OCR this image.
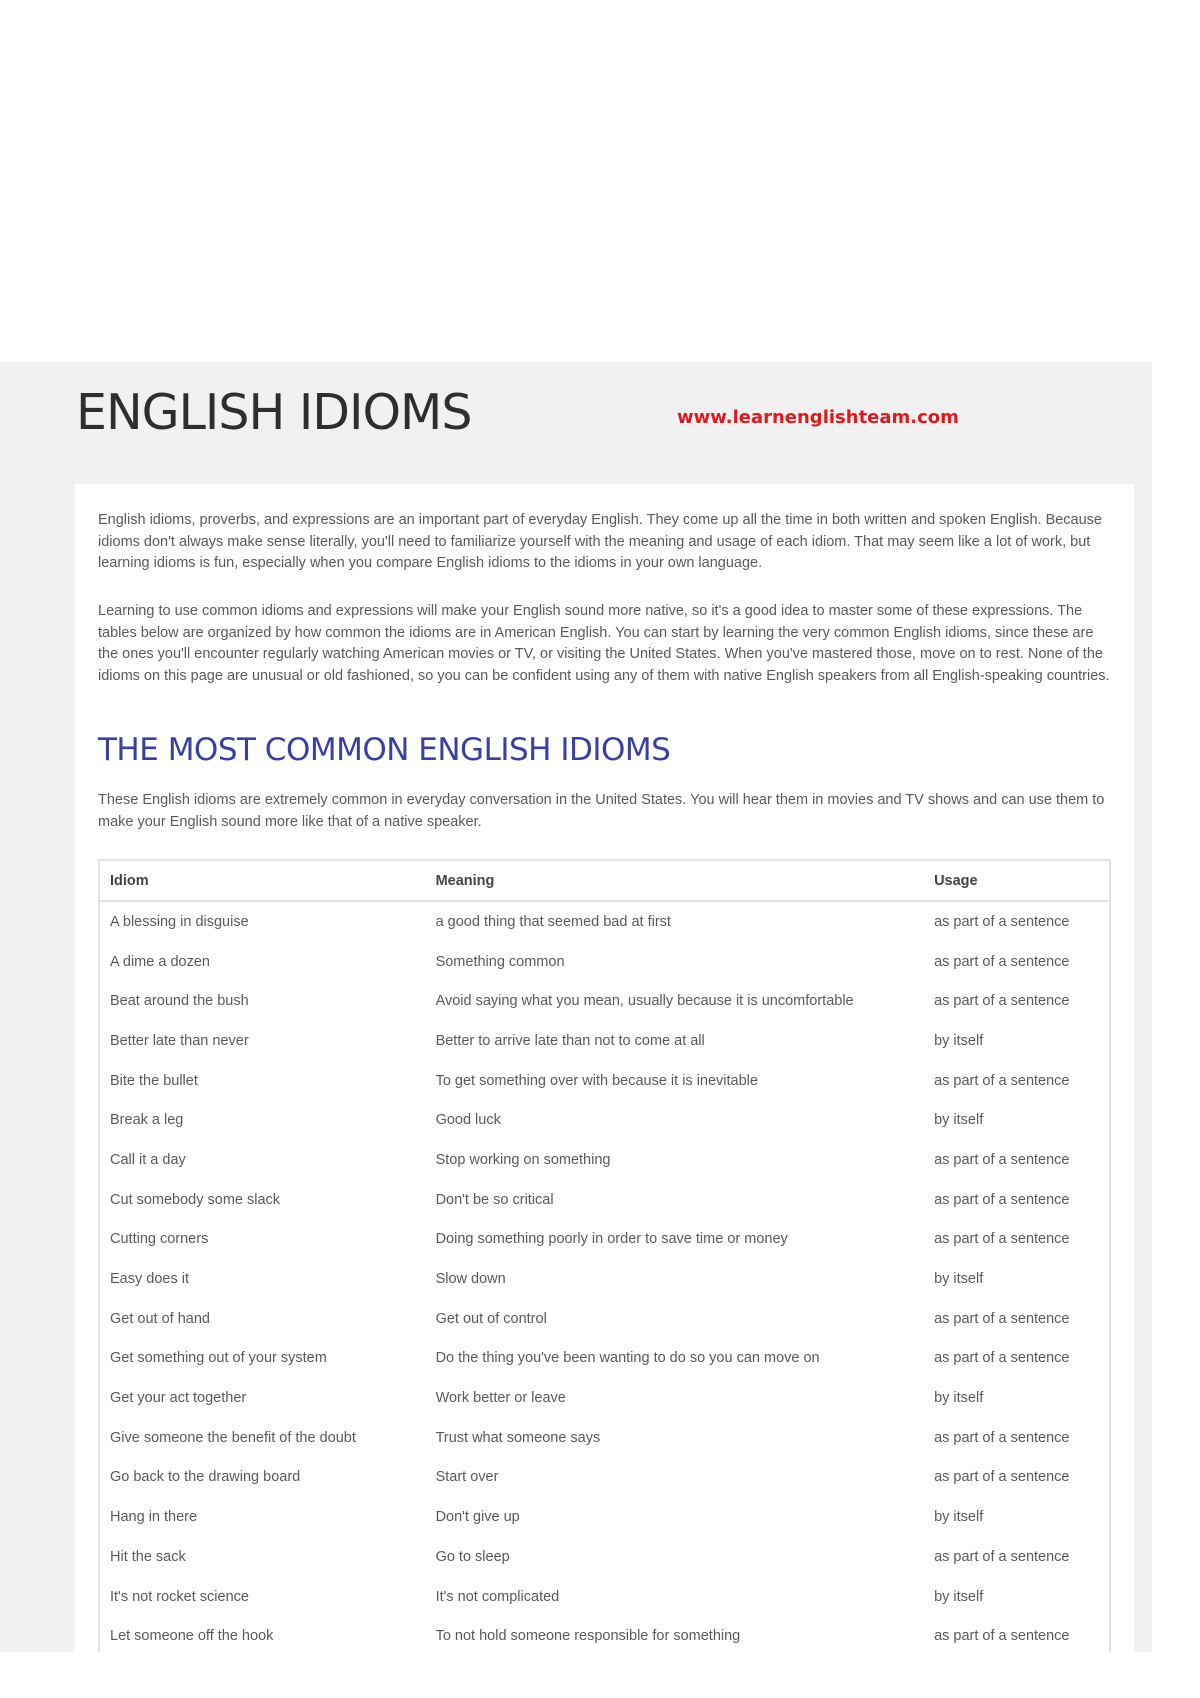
ENGLISH IDIOMS	www.learnenglishteam.com

English idioms, proverbs, and expressions are an important part of everyday English. They come up all the time in both written and spoken English. Because idioms don't always make sense literally, you'll need to familiarize yourself with the meaning and usage of each idiom. That may seem like a lot of work, but learning idioms is fun, especially when you compare English idioms to the idioms in your own language.

Learning to use common idioms and expressions will make your English sound more native, so it's a good idea to master some of these expressions. The tables below are organized by how common the idioms are in American English. You can start by learning the very common English idioms, since these are the ones you'll encounter regularly watching American movies or TV, or visiting the United States. When you've mastered those, move on to rest. None of the idioms on this page are unusual or old fashioned, so you can be confident using any of them with native English speakers from all English-speaking countries.

THE MOST COMMON ENGLISH IDIOMS

These English idioms are extremely common in everyday conversation in the United States. You will hear them in movies and TV shows and can use them to make your English sound more like that of a native speaker.

Idiom	Meaning	Usage
A blessing in disguise	a good thing that seemed bad at first	as part of a sentence
A dime a dozen	Something common	as part of a sentence
Beat around the bush	Avoid saying what you mean, usually because it is uncomfortable	as part of a sentence
Better late than never	Better to arrive late than not to come at all	by itself
Bite the bullet	To get something over with because it is inevitable	as part of a sentence
Break a leg	Good luck	by itself
Call it a day	Stop working on something	as part of a sentence
Cut somebody some slack	Don't be so critical	as part of a sentence
Cutting corners	Doing something poorly in order to save time or money	as part of a sentence
Easy does it	Slow down	by itself
Get out of hand	Get out of control	as part of a sentence
Get something out of your system	Do the thing you've been wanting to do so you can move on	as part of a sentence
Get your act together	Work better or leave	by itself
Give someone the benefit of the doubt	Trust what someone says	as part of a sentence
Go back to the drawing board	Start over	as part of a sentence
Hang in there	Don't give up	by itself
Hit the sack	Go to sleep	as part of a sentence
It's not rocket science	It's not complicated	by itself
Let someone off the hook	To not hold someone responsible for something	as part of a sentence
